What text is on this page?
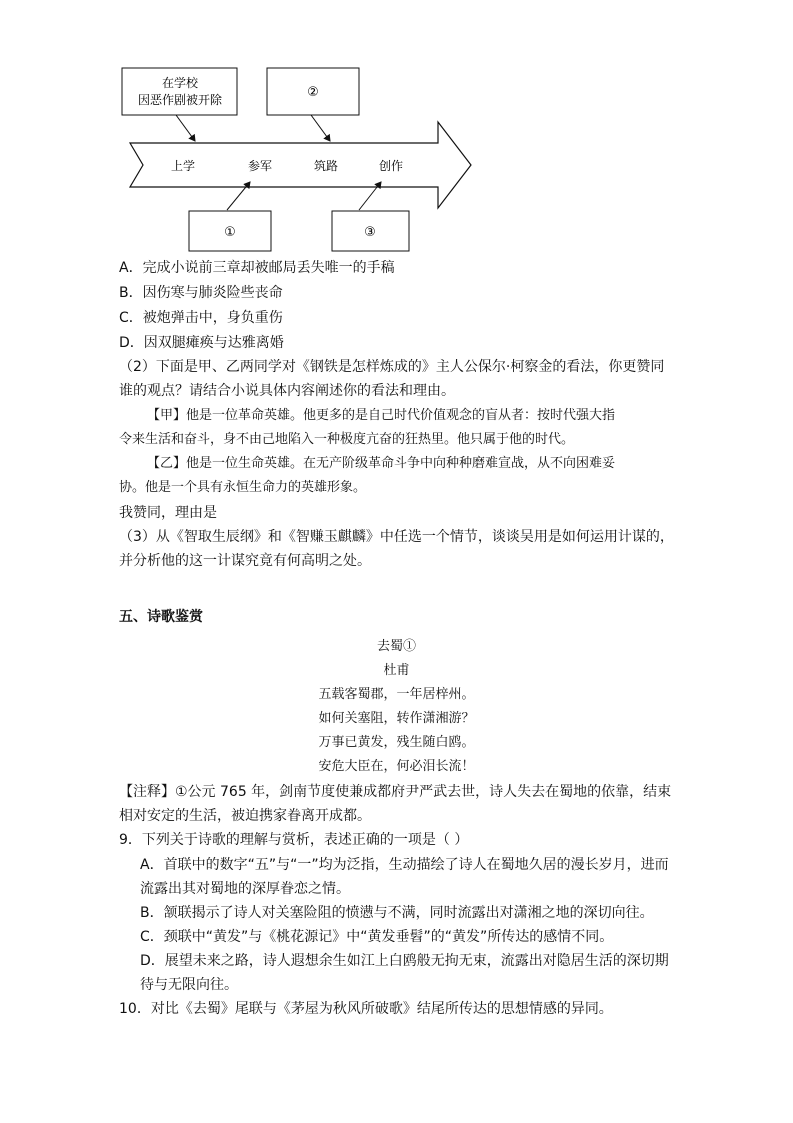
在学校
因恶作剧被开除	②
①	③
上学	参军	筑路	创作
A．完成小说前三章却被邮局丢失唯一的手稿
B．因伤寒与肺炎险些丧命
C．被炮弹击中，身负重伤
D．因双腿瘫痪与达雅离婚
（2）下面是甲、乙两同学对《钢铁是怎样炼成的》主人公保尔·柯察金的看法，你更赞同
谁的观点？请结合小说具体内容阐述你的看法和理由。
【甲】他是一位革命英雄。他更多的是自己时代价值观念的盲从者：按时代强大指
令来生活和奋斗，身不由己地陷入一种极度亢奋的狂热里。他只属于他的时代。
【乙】他是一位生命英雄。在无产阶级革命斗争中向种种磨难宣战，从不向困难妥
协。他是一个具有永恒生命力的英雄形象。
我赞同，理由是
（3）从《智取生辰纲》和《智赚玉麒麟》中任选一个情节，谈谈吴用是如何运用计谋的，
并分析他的这一计谋究竟有何高明之处。
五、诗歌鉴赏
去蜀①
杜甫
五载客蜀郡，一年居梓州。
如何关塞阻，转作潇湘游？
万事已黄发，残生随白鸥。
安危大臣在，何必泪长流！
【注释】①公元 765 年，剑南节度使兼成都府尹严武去世，诗人失去在蜀地的依靠，结束
相对安定的生活，被迫携家眷离开成都。
9．下列关于诗歌的理解与赏析，表述正确的一项是（ ）
A．首联中的数字“五”与“一”均为泛指，生动描绘了诗人在蜀地久居的漫长岁月，进而
流露出其对蜀地的深厚眷恋之情。
B．颔联揭示了诗人对关塞险阻的愤懑与不满，同时流露出对潇湘之地的深切向往。
C．颈联中“黄发”与《桃花源记》中“黄发垂髫”的“黄发”所传达的感情不同。
D．展望未来之路，诗人遐想余生如江上白鸥般无拘无束，流露出对隐居生活的深切期
待与无限向往。
10．对比《去蜀》尾联与《茅屋为秋风所破歌》结尾所传达的思想情感的异同。
